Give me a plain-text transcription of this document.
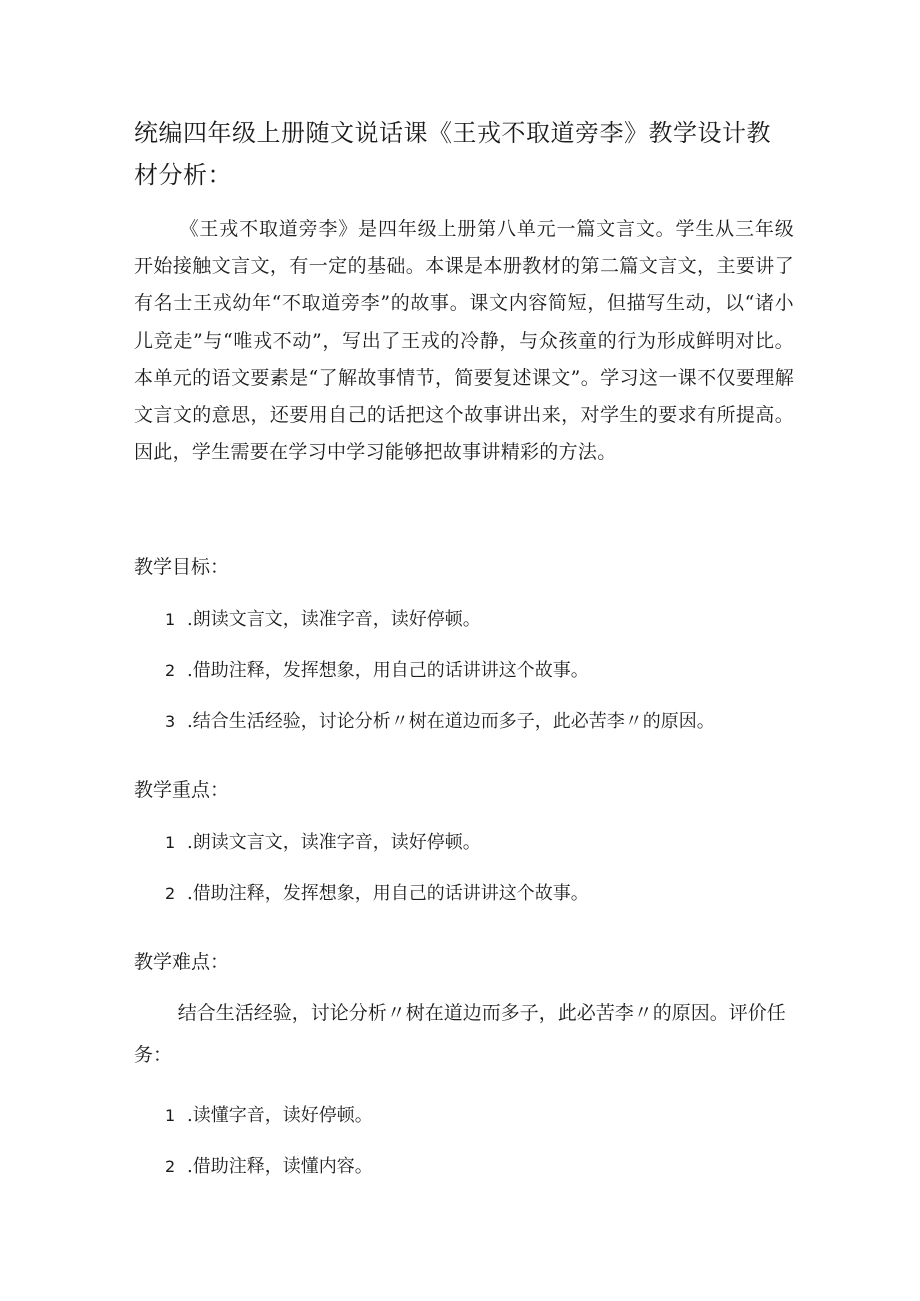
统编四年级上册随文说话课《王戎不取道旁李》教学设计教材分析：

《王戎不取道旁李》是四年级上册第八单元一篇文言文。学生从三年级开始接触文言文，有一定的基础。本课是本册教材的第二篇文言文，主要讲了有名士王戎幼年“不取道旁李”的故事。课文内容简短，但描写生动，以“诸小儿竞走”与“唯戎不动”，写出了王戎的冷静，与众孩童的行为形成鲜明对比。本单元的语文要素是“了解故事情节，简要复述课文”。学习这一课不仅要理解文言文的意思，还要用自己的话把这个故事讲出来，对学生的要求有所提高。因此，学生需要在学习中学习能够把故事讲精彩的方法。

教学目标：
1 .朗读文言文，读准字音，读好停顿。
2 .借助注释，发挥想象，用自己的话讲讲这个故事。
3 .结合生活经验，讨论分析〃树在道边而多子，此必苦李〃的原因。
教学重点：
1 .朗读文言文，读准字音，读好停顿。
2 .借助注释，发挥想象，用自己的话讲讲这个故事。
教学难点：

结合生活经验，讨论分析〃树在道边而多子，此必苦李〃的原因。评价任务：

1 .读懂字音，读好停顿。
2 .借助注释，读懂内容。
